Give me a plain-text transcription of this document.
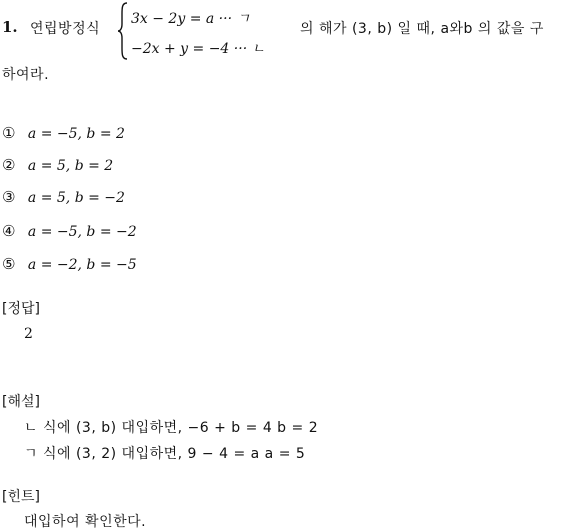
1. 연립방정식
3x − 2y = a ··· ㄱ
−2x + y = −4 ··· ㄴ
의 해가 (3, b) 일 때, a와b 의 값을 구
하여라.
① a = −5, b = 2
② a = 5, b = 2
③ a = 5, b = −2
④ a = −5, b = −2
⑤ a = −2, b = −5
[정답]
2
[해설]
ㄴ 식에 (3, b) 대입하면, −6 + b = 4 b = 2
ㄱ 식에 (3, 2) 대입하면, 9 − 4 = a a = 5
[힌트]
대입하여 확인한다.
